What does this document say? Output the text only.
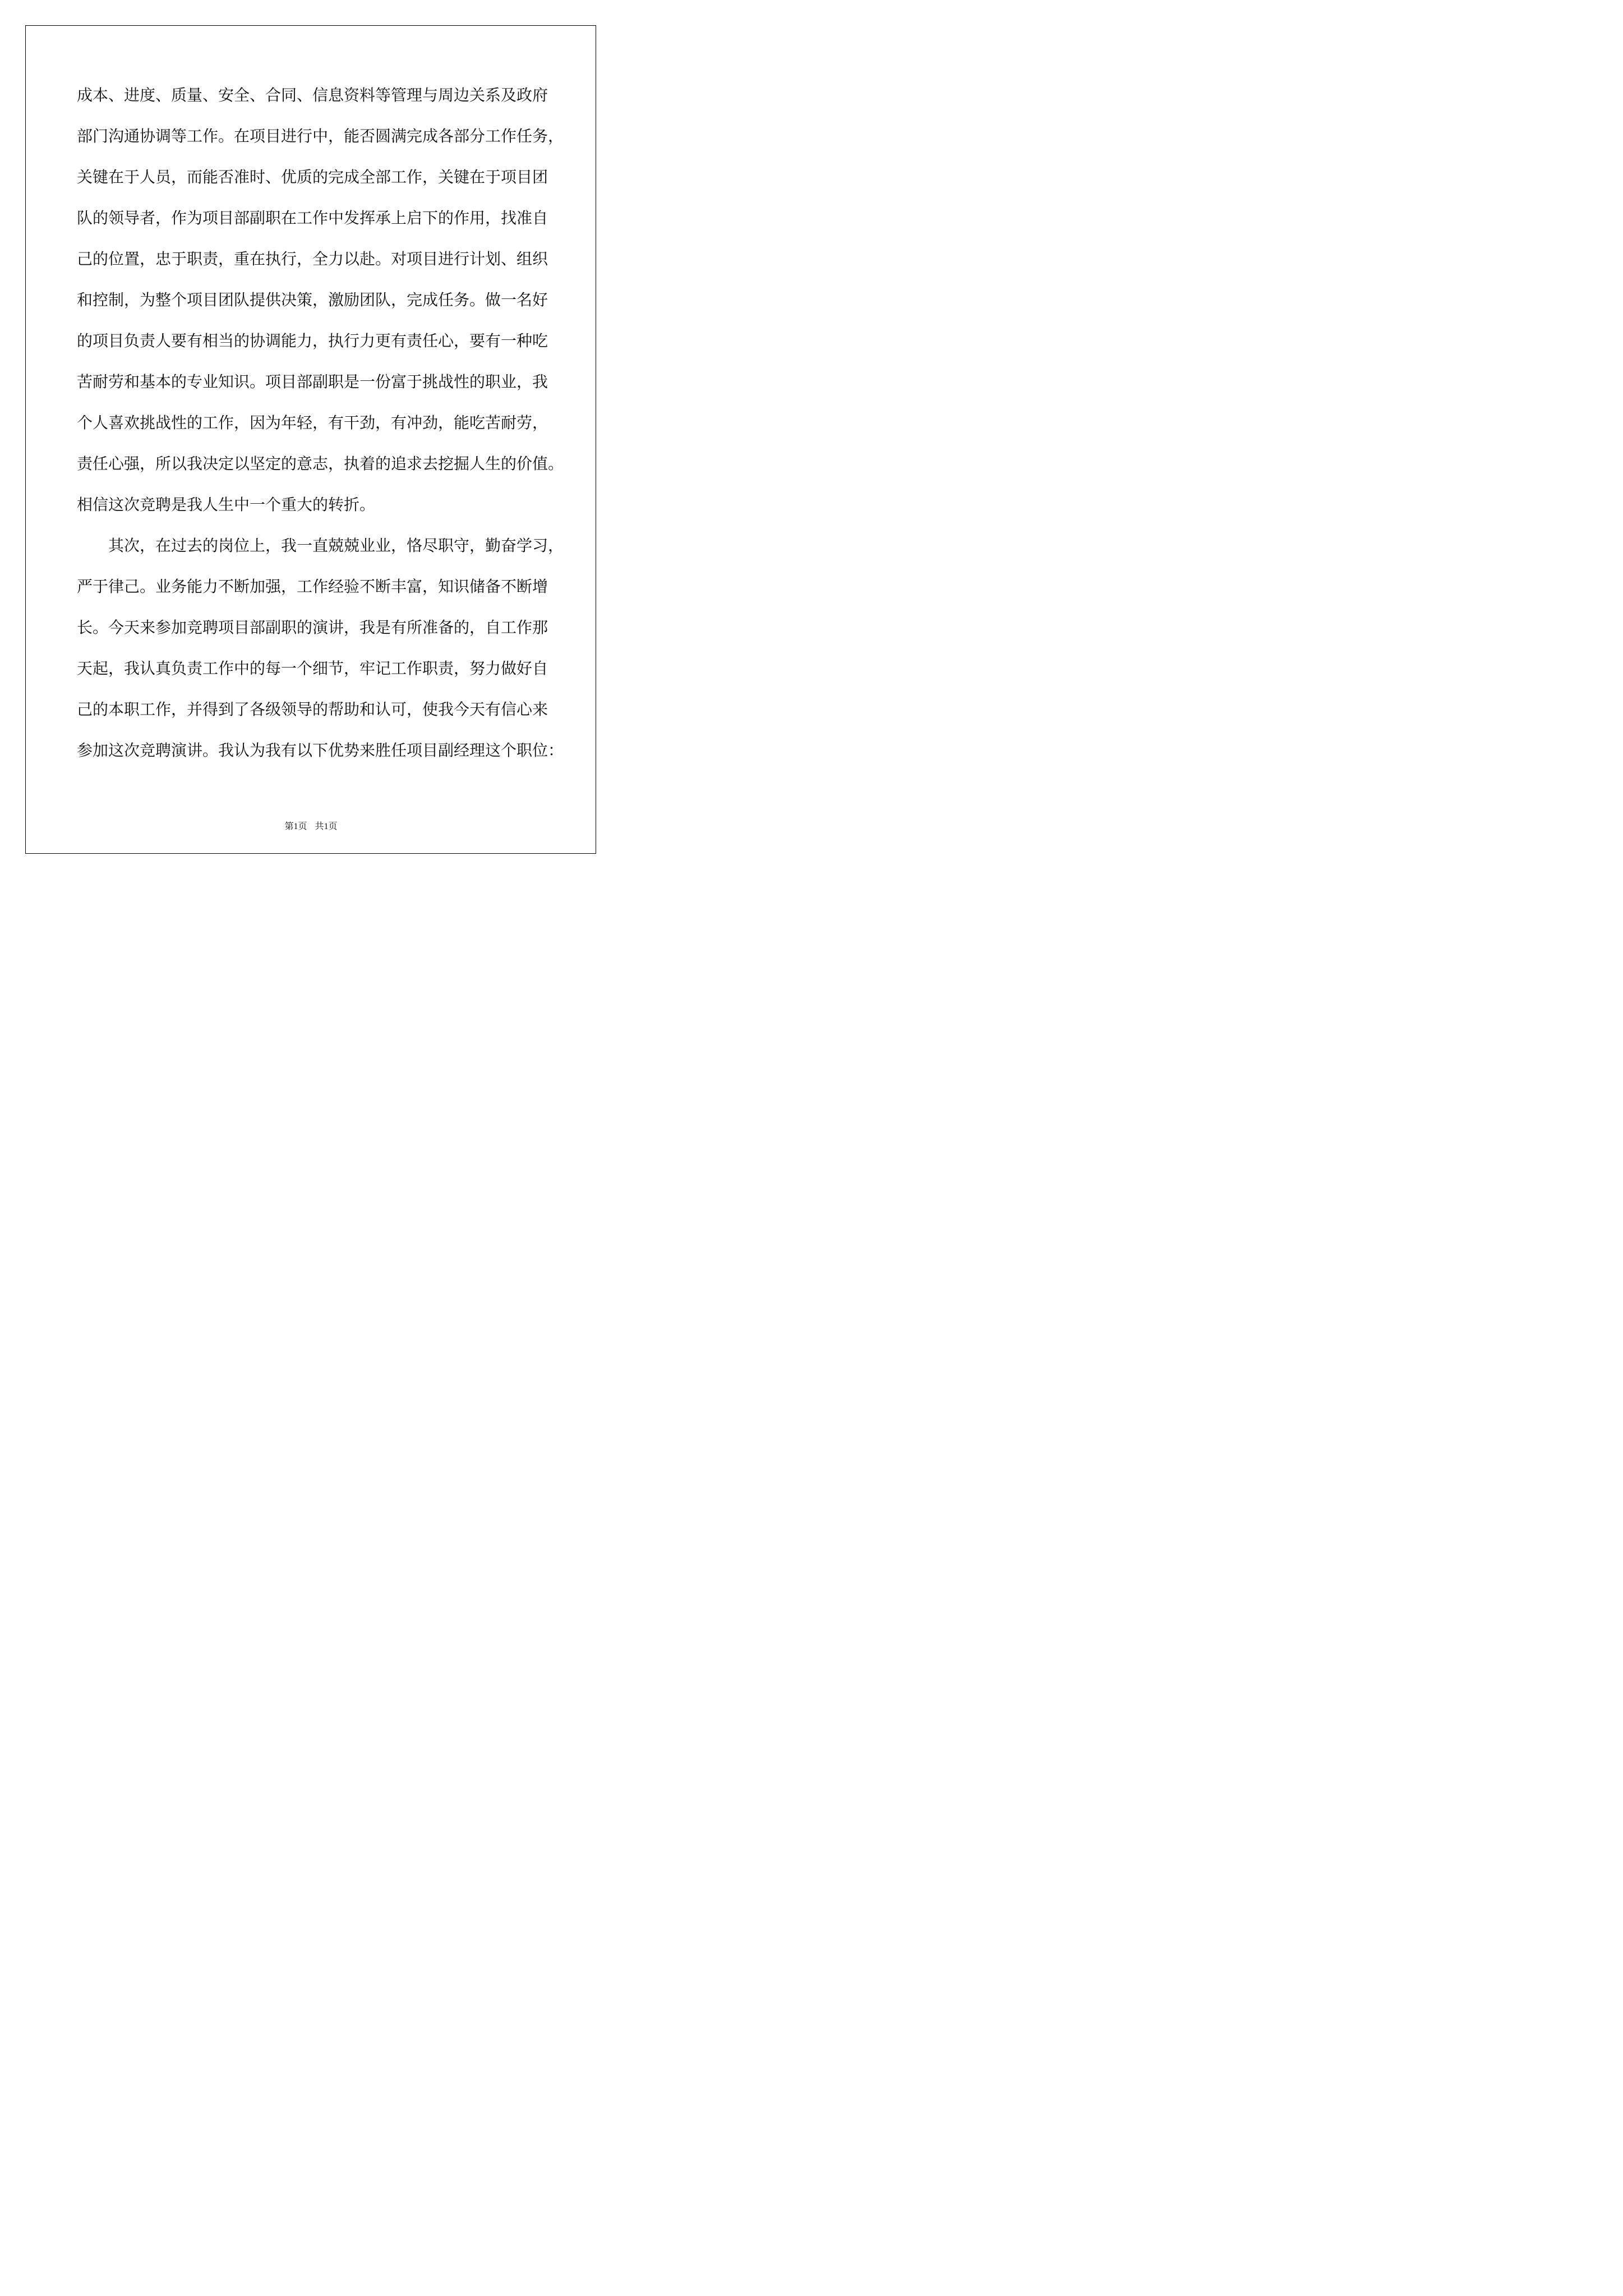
成本、进度、质量、安全、合同、信息资料等管理与周边关系及政府
部门沟通协调等工作。在项目进行中，能否圆满完成各部分工作任务，
关键在于人员，而能否准时、优质的完成全部工作，关键在于项目团
队的领导者，作为项目部副职在工作中发挥承上启下的作用，找准自
己的位置，忠于职责，重在执行，全力以赴。对项目进行计划、组织
和控制，为整个项目团队提供决策，激励团队，完成任务。做一名好
的项目负责人要有相当的协调能力，执行力更有责任心，要有一种吃
苦耐劳和基本的专业知识。项目部副职是一份富于挑战性的职业，我
个人喜欢挑战性的工作，因为年轻，有干劲，有冲劲，能吃苦耐劳，
责任心强，所以我决定以坚定的意志，执着的追求去挖掘人生的价值。
相信这次竞聘是我人生中一个重大的转折。
其次，在过去的岗位上，我一直兢兢业业，恪尽职守，勤奋学习，
严于律己。业务能力不断加强，工作经验不断丰富，知识储备不断增
长。今天来参加竞聘项目部副职的演讲，我是有所准备的，自工作那
天起，我认真负责工作中的每一个细节，牢记工作职责，努力做好自
己的本职工作，并得到了各级领导的帮助和认可，使我今天有信心来
参加这次竞聘演讲。我认为我有以下优势来胜任项目副经理这个职位：
第1页 共1页
